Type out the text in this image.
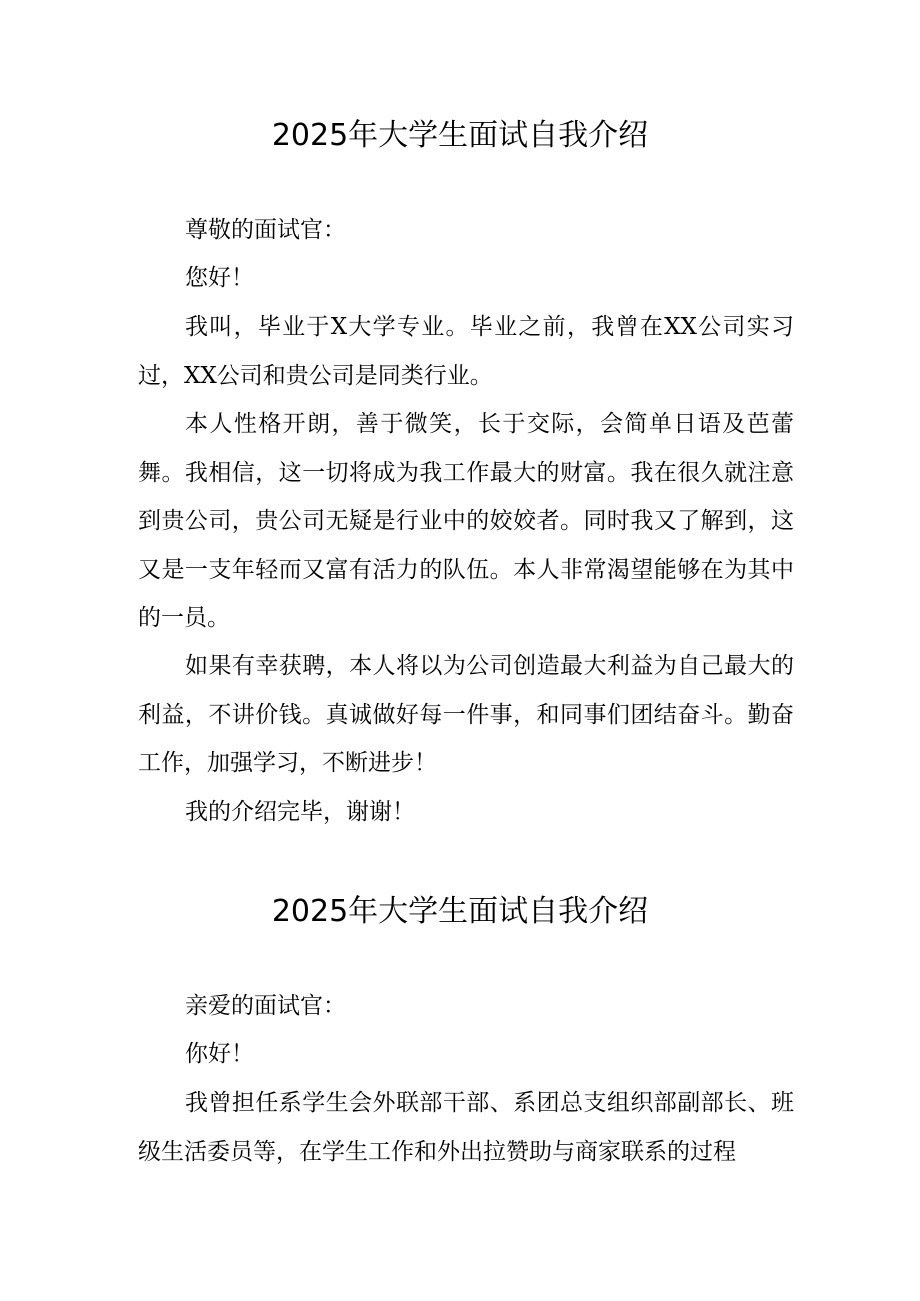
2025年大学生面试自我介绍

尊敬的面试官：

您好！

我叫，毕业于X大学专业。毕业之前，我曾在XX公司实习过，XX公司和贵公司是同类行业。

本人性格开朗，善于微笑，长于交际，会简单日语及芭蕾舞。我相信，这一切将成为我工作最大的财富。我在很久就注意到贵公司，贵公司无疑是行业中的姣姣者。同时我又了解到，这又是一支年轻而又富有活力的队伍。本人非常渴望能够在为其中的一员。

如果有幸获聘，本人将以为公司创造最大利益为自己最大的利益，不讲价钱。真诚做好每一件事，和同事们团结奋斗。勤奋工作，加强学习，不断进步！

我的介绍完毕，谢谢！

2025年大学生面试自我介绍

亲爱的面试官：

你好！

我曾担任系学生会外联部干部、系团总支组织部副部长、班级生活委员等，在学生工作和外出拉赞助与商家联系的过程
